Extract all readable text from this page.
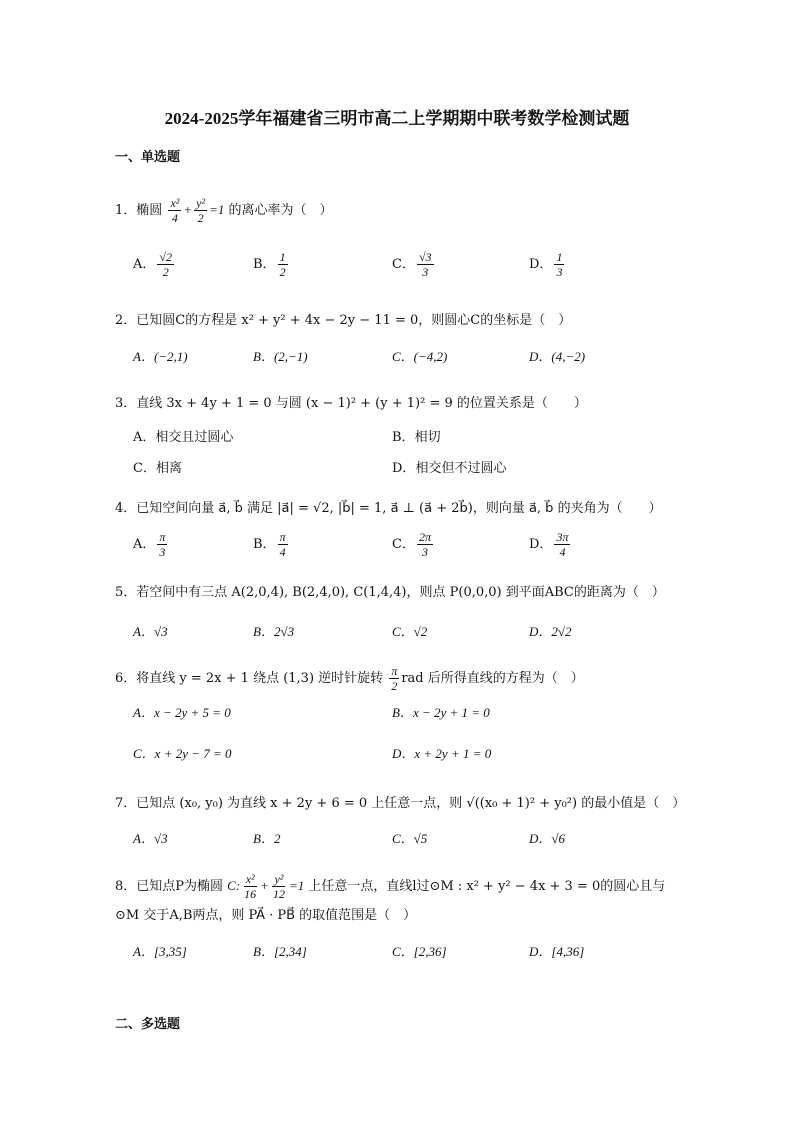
2024-2025学年福建省三明市高二上学期期中联考数学检测试题
一、单选题
1．椭圆 $\frac{\text{x²}}{4} + \frac{\text{y²}}{2} =1$ 的离心率为（　）
A． $\frac{√2}{2}$	B． $\frac{1}{2}$	C． $\frac{√3}{3}$	D． $\frac{1}{3}$
2．已知圆C的方程是 x² + y² + 4x − 2y − 11 = 0，则圆心C的坐标是（　）
A．(−2,1)	B．(2,−1)	C．(−4,2)	D．(4,−2)
3．直线 3x + 4y + 1 = 0 与圆 (x − 1)² + (y + 1)² = 9 的位置关系是（　　）
A．相交且过圆心	B．相切
C．相离	D．相交但不过圆心
4．已知空间向量 a⃗, b⃗ 满足 |a⃗| = √2, |b⃗| = 1, a⃗ ⊥ (a⃗ + 2b⃗)，则向量 a⃗, b⃗ 的夹角为（　　）
A． $\frac{\pi}{3}$	B． $\frac{\pi}{4}$	C． $\frac{2\pi}{3}$	D． $\frac{3\pi}{4}$
5．若空间中有三点 A(2,0,4), B(2,4,0), C(1,4,4)，则点 P(0,0,0) 到平面ABC的距离为（　）
A．√3	B．2√3	C．√2	D．2√2
6．将直线 y = 2x + 1 绕点 (1,3) 逆时针旋转 $\frac{\pi}{2}$ rad 后所得直线的方程为（　）
A．x − 2y + 5 = 0	B．x − 2y + 1 = 0
C．x + 2y − 7 = 0	D．x + 2y + 1 = 0
7．已知点 (x₀, y₀) 为直线 x + 2y + 6 = 0 上任意一点，则 √((x₀ + 1)² + y₀²) 的最小值是（　）
A．√3	B．2	C．√5	D．√6
8．已知点P为椭圆 C: $\frac{\text{x²}}{16} + \frac{\text{y²}}{12} =1$ 上任意一点，直线l过⊙M : x² + y² − 4x + 3 = 0的圆心且与
⊙M 交于A,B两点，则 PA⃗ · PB⃗ 的取值范围是（　）
A．[3,35]	B．[2,34]	C．[2,36]	D．[4,36]
二、多选题
